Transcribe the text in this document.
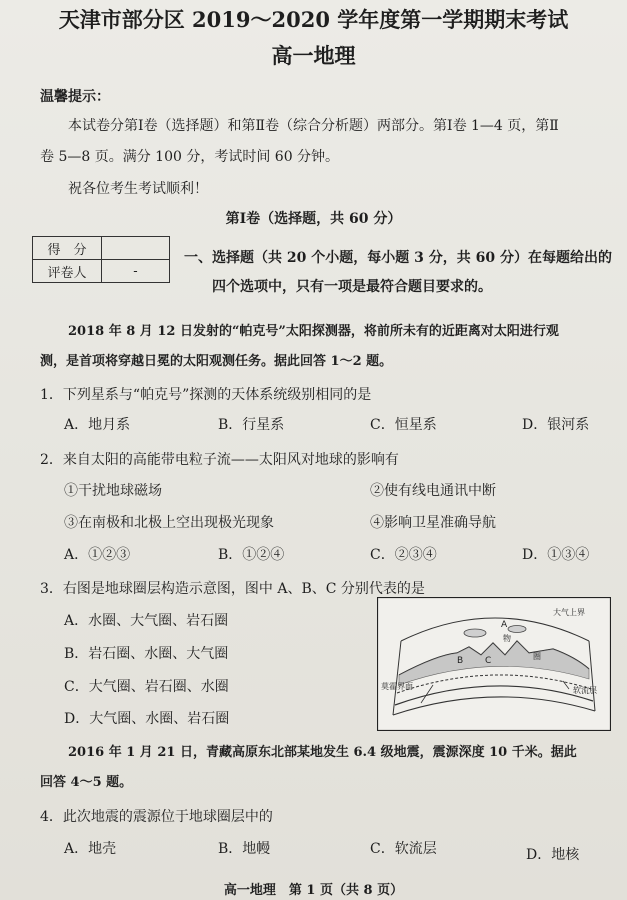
天津市部分区 2019～2020 学年度第一学期期末考试
高一地理
温馨提示：
本试卷分第Ⅰ卷（选择题）和第Ⅱ卷（综合分析题）两部分。第Ⅰ卷 1—4 页，第Ⅱ
卷 5—8 页。满分 100 分，考试时间 60 分钟。
祝各位考生考试顺利！
第Ⅰ卷（选择题，共 60 分）
得　分	
评卷人	-
一、选择题（共 20 个小题，每小题 3 分，共 60 分）在每题给出的
四个选项中，只有一项是最符合题目要求的。
2018 年 8 月 12 日发射的“帕克号”太阳探测器，将前所未有的近距离对太阳进行观
测，是首项将穿越日冕的太阳观测任务。据此回答 1～2 题。
1．下列星系与“帕克号”探测的天体系统级别相同的是
A．地月系	B．行星系	C．恒星系	D．银河系
2．来自太阳的高能带电粒子流——太阳风对地球的影响有
①干扰地球磁场	②使有线电通讯中断
③在南极和北极上空出现极光现象	④影响卫星准确导航
A．①②③	B．①②④	C．②③④	D．①③④
3．右图是地球圈层构造示意图，图中 A、B、C 分别代表的是
A．水圈、大气圈、岩石圈
B．岩石圈、水圈、大气圈
C．大气圈、岩石圈、水圈
D．大气圈、水圈、岩石圈
大气上界
A
物
圈
B C
莫霍界面	软流层
2016 年 1 月 21 日，青藏高原东北部某地发生 6.4 级地震，震源深度 10 千米。据此
回答 4～5 题。
4．此次地震的震源位于地球圈层中的
A．地壳	B．地幔	C．软流层	D．地核
高一地理　第 1 页（共 8 页）
